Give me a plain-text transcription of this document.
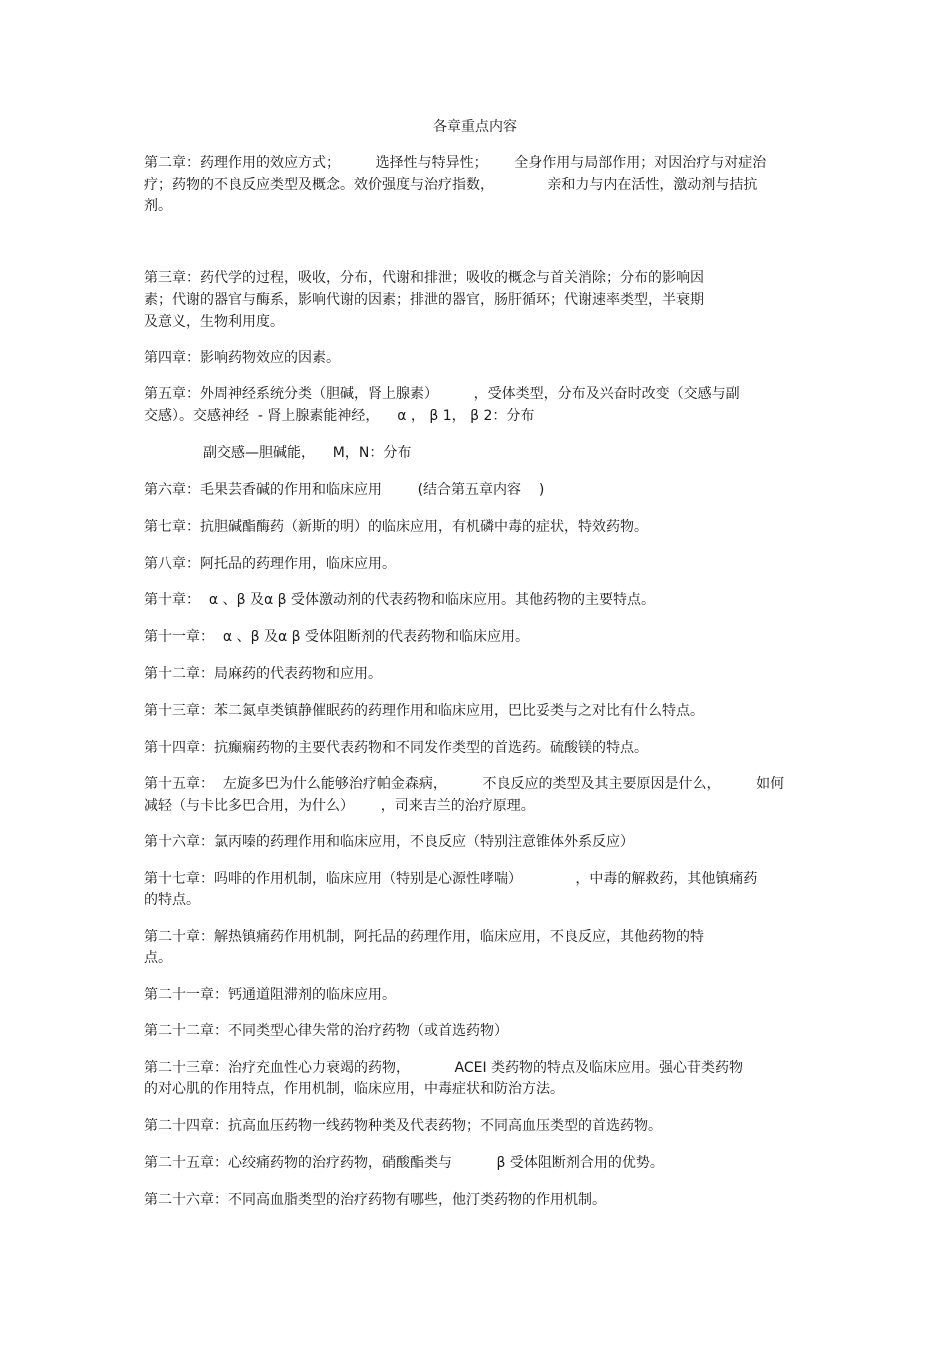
各章重点内容
第二章：药理作用的效应方式；        选择性与特异性；      全身作用与局部作用；对因治疗与对症治
疗；药物的不良反应类型及概念。效价强度与治疗指数，            亲和力与内在活性，激动剂与拮抗
剂。
第三章：药代学的过程，吸收，分布，代谢和排泄；吸收的概念与首关消除；分布的影响因
素；代谢的器官与酶系，影响代谢的因素；排泄的器官，肠肝循环；代谢速率类型，半衰期
及意义，生物利用度。
第四章：影响药物效应的因素。
第五章：外周神经系统分类（胆碱，肾上腺素）        ，受体类型，分布及兴奋时改变（交感与副
交感）。交感神经  - 肾上腺素能神经，    α ， β 1， β 2：分布
副交感—胆碱能，    M，N：分布
第六章：毛果芸香碱的作用和临床应用        (结合第五章内容    )
第七章：抗胆碱酯酶药（新斯的明）的临床应用，有机磷中毒的症状，特效药物。
第八章：阿托品的药理作用，临床应用。
第十章：  α 、β 及α β 受体激动剂的代表药物和临床应用。其他药物的主要特点。
第十一章：  α 、β 及α β 受体阻断剂的代表药物和临床应用。
第十二章：局麻药的代表药物和应用。
第十三章：苯二氮卓类镇静催眠药的药理作用和临床应用，巴比妥类与之对比有什么特点。
第十四章：抗癫痫药物的主要代表药物和不同发作类型的首选药。硫酸镁的特点。
第十五章：  左旋多巴为什么能够治疗帕金森病，        不良反应的类型及其主要原因是什么，        如何
减轻（与卡比多巴合用，为什么）      ，司来吉兰的治疗原理。
第十六章：氯丙嗪的药理作用和临床应用，不良反应（特别注意锥体外系反应）
第十七章：吗啡的作用机制，临床应用（特别是心源性哮喘）            ，中毒的解救药，其他镇痛药
的特点。
第二十章：解热镇痛药作用机制，阿托品的药理作用，临床应用，不良反应，其他药物的特
点。
第二十一章：钙通道阻滞剂的临床应用。
第二十二章：不同类型心律失常的治疗药物（或首选药物）
第二十三章：治疗充血性心力衰竭的药物，          ACEI 类药物的特点及临床应用。强心苷类药物
的对心肌的作用特点，作用机制，临床应用，中毒症状和防治方法。
第二十四章：抗高血压药物一线药物种类及代表药物；不同高血压类型的首选药物。
第二十五章：心绞痛药物的治疗药物，硝酸酯类与          β 受体阻断剂合用的优势。
第二十六章：不同高血脂类型的治疗药物有哪些，他汀类药物的作用机制。
